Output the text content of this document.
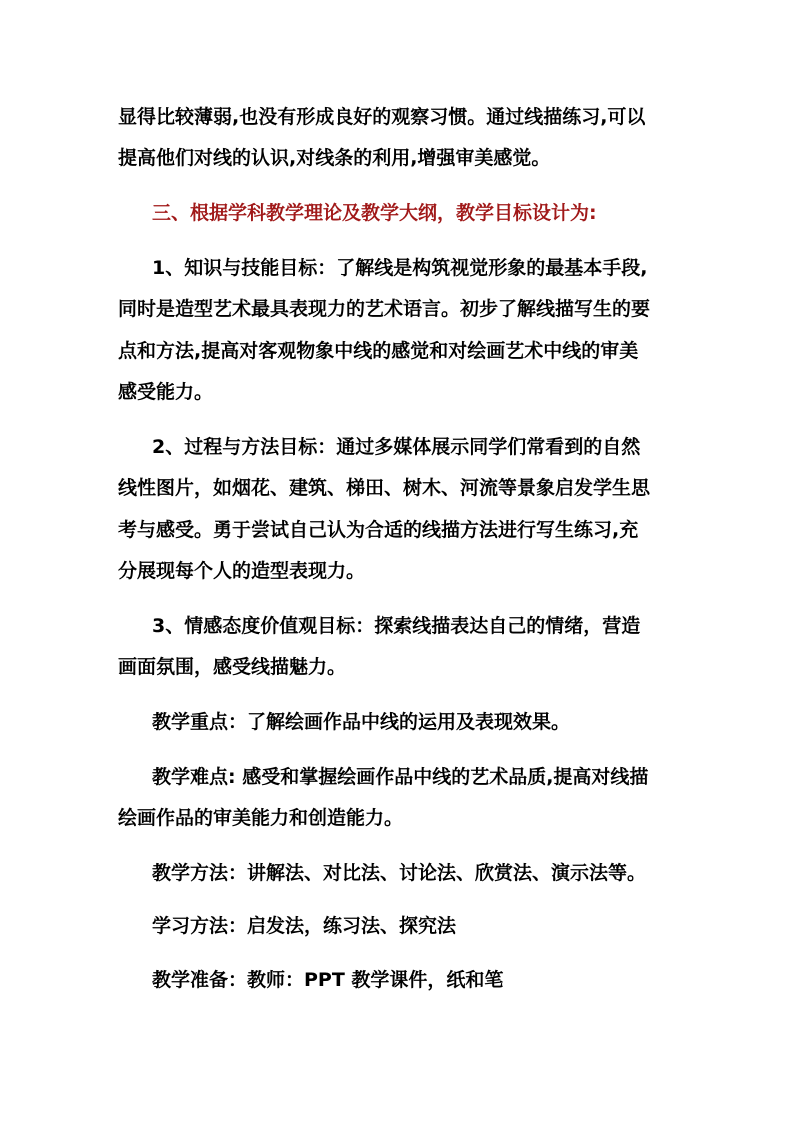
显得比较薄弱,也没有形成良好的观察习惯。通过线描练习,可以
提高他们对线的认识,对线条的利用,增强审美感觉。
三、根据学科教学理论及教学大纲，教学目标设计为:
1、知识与技能目标：了解线是构筑视觉形象的最基本手段,
同时是造型艺术最具表现力的艺术语言。初步了解线描写生的要
点和方法,提高对客观物象中线的感觉和对绘画艺术中线的审美
感受能力。
2、过程与方法目标：通过多媒体展示同学们常看到的自然
线性图片，如烟花、建筑、梯田、树木、河流等景象启发学生思
考与感受。勇于尝试自己认为合适的线描方法进行写生练习,充
分展现每个人的造型表现力。
3、情感态度价值观目标：探索线描表达自己的情绪，营造
画面氛围，感受线描魅力。
教学重点：了解绘画作品中线的运用及表现效果。
教学难点: 感受和掌握绘画作品中线的艺术品质,提高对线描
绘画作品的审美能力和创造能力。
教学方法：讲解法、对比法、讨论法、欣赏法、演示法等。
学习方法：启发法，练习法、探究法
教学准备：教师：PPT 教学课件，纸和笔
